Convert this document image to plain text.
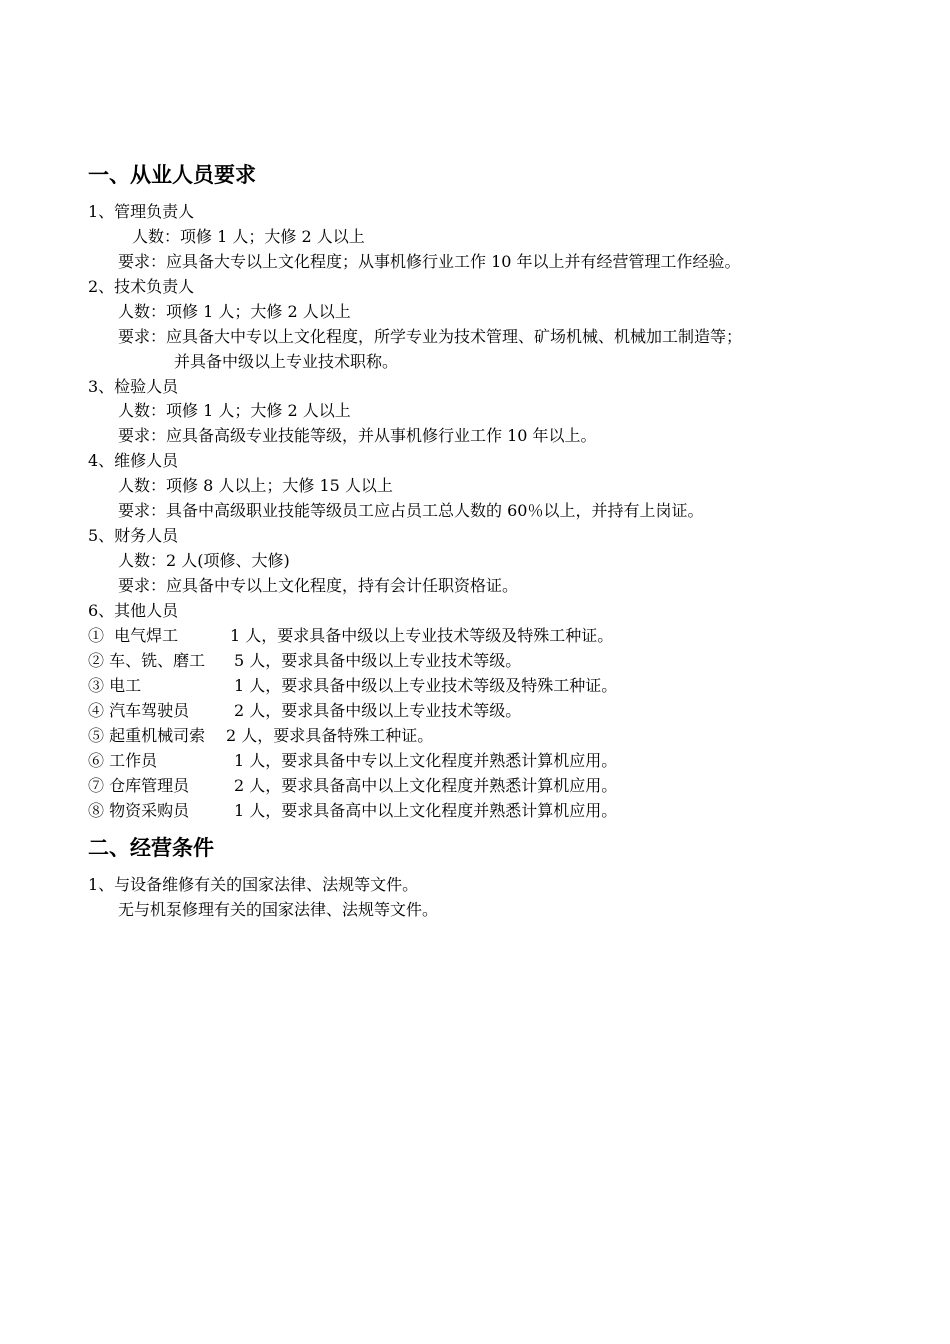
一、从业人员要求
1、管理负责人
人数：项修 1 人；大修 2 人以上
要求：应具备大专以上文化程度；从事机修行业工作 10 年以上并有经营管理工作经验。
2、技术负责人
人数：项修 1 人；大修 2 人以上
要求：应具备大中专以上文化程度，所学专业为技术管理、矿场机械、机械加工制造等；
并具备中级以上专业技术职称。
3、检验人员
人数：项修 1 人；大修 2 人以上
要求：应具备高级专业技能等级，并从事机修行业工作 10 年以上。
4、维修人员
人数：项修 8 人以上；大修 15 人以上
要求：具备中高级职业技能等级员工应占员工总人数的 60％以上，并持有上岗证。
5、财务人员
人数：2 人(项修、大修)
要求：应具备中专以上文化程度，持有会计任职资格证。
6、其他人员
①  电气焊工	1 人，要求具备中级以上专业技术等级及特殊工种证。
② 车、铣、磨工 5 人，要求具备中级以上专业技术等级。
③ 电工	1 人，要求具备中级以上专业技术等级及特殊工种证。
④ 汽车驾驶员	2 人，要求具备中级以上专业技术等级。
⑤ 起重机械司索 2 人，要求具备特殊工种证。
⑥ 工作员	1 人，要求具备中专以上文化程度并熟悉计算机应用。
⑦ 仓库管理员	2 人，要求具备高中以上文化程度并熟悉计算机应用。
⑧ 物资采购员	1 人，要求具备高中以上文化程度并熟悉计算机应用。
二、经营条件
1、与设备维修有关的国家法律、法规等文件。
无与机泵修理有关的国家法律、法规等文件。
